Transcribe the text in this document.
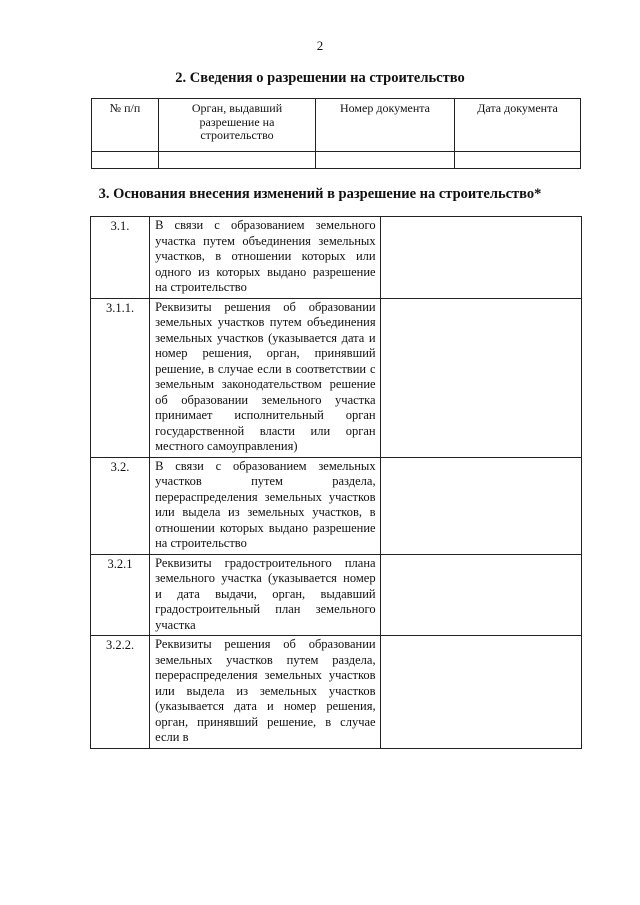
2
2. Сведения о разрешении на строительство
№ п/п	Орган, выдавший разрешение на строительство	Номер документа	Дата документа

3. Основания внесения изменений в разрешение на строительство*
3.1.	В связи с образованием земельного участка путем объединения земельных участков, в отношении которых или одного из которых выдано разрешение на строительство	
3.1.1.	Реквизиты решения об образовании земельных участков путем объединения земельных участков (указывается дата и номер решения, орган, принявший решение, в случае если в соответствии с земельным законодательством решение об образовании земельного участка принимает исполнительный орган государственной власти или орган местного самоуправления)	
3.2.	В связи с образованием земельных участков путем раздела, перераспределения земельных участков или выдела из земельных участков, в отношении которых выдано разрешение на строительство	
3.2.1	Реквизиты градостроительного плана земельного участка (указывается номер и дата выдачи, орган, выдавший градостроительный план земельного участка	
3.2.2.	Реквизиты решения об образовании земельных участков путем раздела, перераспределения земельных участков или выдела из земельных участков (указывается дата и номер решения, орган, принявший решение, в случае если в	
